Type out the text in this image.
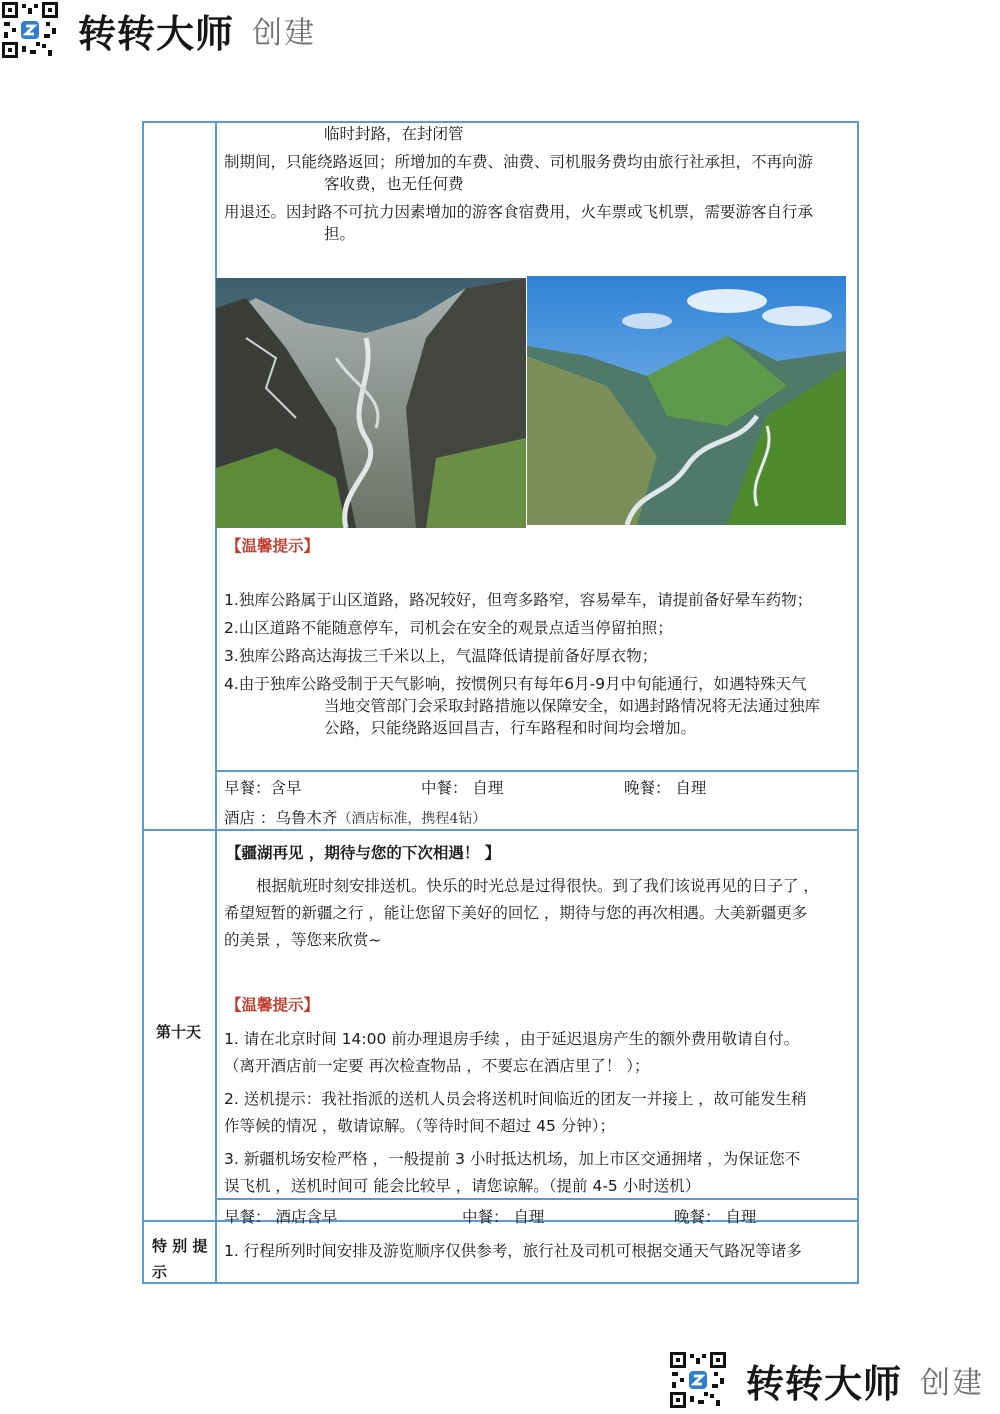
转转大师 创建
临时封路，在封闭管
制期间，只能绕路返回；所增加的车费、油费、司机服务费均由旅行社承担，不再向游
客收费，也无任何费
用退还。因封路不可抗力因素增加的游客食宿费用，火车票或飞机票，需要游客自行承
担。
【温馨提示】
1.独库公路属于山区道路，路况较好，但弯多路窄，容易晕车，请提前备好晕车药物；
2.山区道路不能随意停车，司机会在安全的观景点适当停留拍照；
3.独库公路高达海拔三千米以上，气温降低请提前备好厚衣物；
4.由于独库公路受制于天气影响，按惯例只有每年6月-9月中旬能通行，如遇特殊天气
当地交管部门会采取封路措施以保障安全，如遇封路情况将无法通过独库
公路，只能绕路返回昌吉，行车路程和时间均会增加。
早餐：含早	中餐： 自理	晚餐： 自理
酒店 ：乌鲁木齐（酒店标准，携程4钻）
第十天
【疆湖再见 ，期待与您的下次相遇！ 】
根据航班时刻安排送机。快乐的时光总是过得很快。到了我们该说再见的日子了 ，
希望短暂的新疆之行 ，能让您留下美好的回忆 ，期待与您的再次相遇。大美新疆更多
的美景 ，等您来欣赏~
【温馨提示】
1. 请在北京时间 14:00 前办理退房手续 ，由于延迟退房产生的额外费用敬请自付。
（离开酒店前一定要 再次检查物品 ，不要忘在酒店里了！ ）；
2. 送机提示：我社指派的送机人员会将送机时间临近的团友一并接上 ，故可能发生稍
作等候的情况 ，敬请谅解。（等待时间不超过 45 分钟）；
3. 新疆机场安检严格 ，一般提前 3 小时抵达机场，加上市区交通拥堵 ，为保证您不
误飞机 ，送机时间可 能会比较早 ，请您谅解。（提前 4-5 小时送机）
早餐： 酒店含早	中餐： 自理	晚餐： 自理
特 别 提
示
1. 行程所列时间安排及游览顺序仅供参考，旅行社及司机可根据交通天气路况等诸多
转转大师 创建
